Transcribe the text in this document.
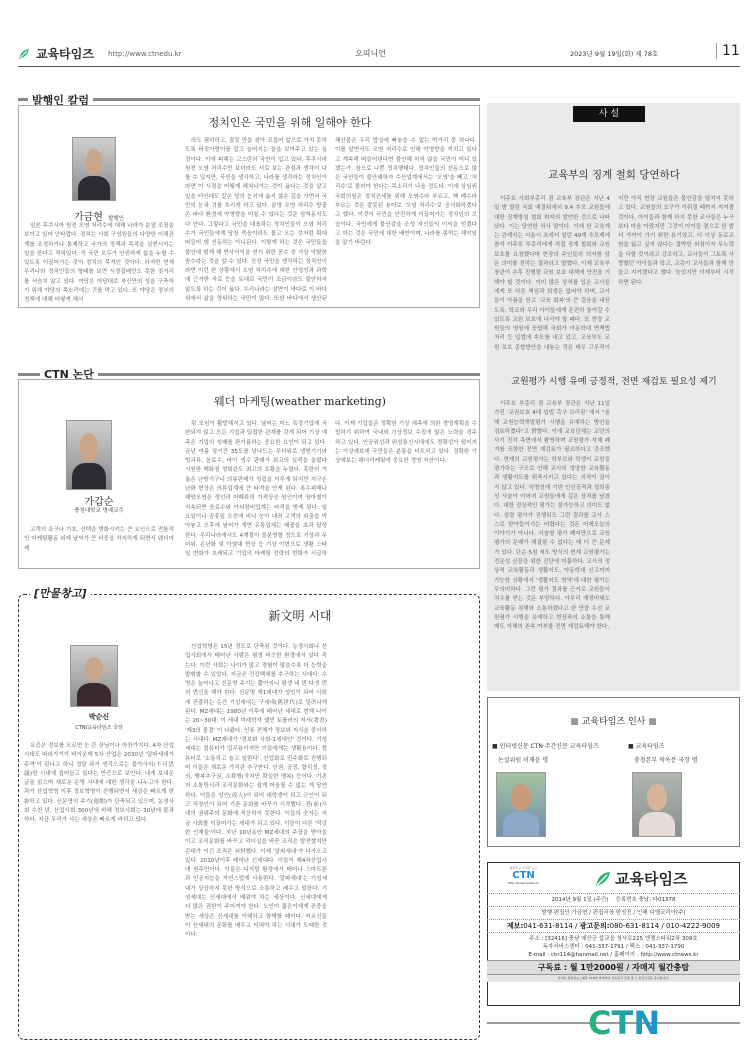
교육타임즈 http://www.ctnedu.kr	오피니언	2023년 9월 19일(화) 제 78호	11
발행인 칼럼
정치인은 국민을 위해 일해야 한다
가금현 발행인
일본 후쿠시마 원전 오염 처리수에 대해 나라가 분열 조짐을 보이고 있어 안타깝다. 정치는 사회 구성원들의 다양한 이해관계를 조정하거나 통제하고 국가의 정책과 목적을 실현시키는 일을 한다고 적혀있다. 즉 국민 모두가 안전하게 삶을 누릴 수 있도록 이끌어가는 것이 정치의 목적인 것이다. 하지만 현재 우리나라 정치인들의 형태를 보면 시정잡배만도 못한 짓거리를 서슴치 않고 있다. 여당은 여당대로 자신만의 성을 구축하기 위해 야당의 목소리에는 귀를 막고 있다. 또 야당은 정부의 정책에 대해 어떻게 해서
라도 폄하하고, 잘못 만을 찾아 꼬집어 앞으로 가지 못하도록 바짓가랑이를 잡고 늘어지는 꼴을 보여주고 있는 실정이다. 이에 피해는 고스란히 국민이 입고 있다. 후쿠시마 원전 오염 처리수만 보더라도 서로 보는 관점과 생각이 다를 수 있지만, 국민을 생각하고, 나라를 생각하는 정치인이라면 이 시점을 어떻게 헤쳐나가는 것이 옳다는 것을 알고 있을 터인데도 같은 당의 눈치에 옳지 않은 길을 가면서 국민의 눈과 귀를 흐리게 하고 있다. 분명 오염 처리수 방출은 바다 환경에 악영향을 미칠 수 있다는 것은 삼척동자도 다 안다. 그렇다고 국민을 대표하는 정치인들이 오염 처리수가 국민들에게 당장 죽음이라도 몰고 오는 것처럼 확대 떠들어 댐 선동하는 아니된다. 이렇게 하는 것은 국민들을 불안에 떨게 해 반사이익을 얻기 위한 꼼수 중 가장 악랄한 꼼수라는 것을 알 수 있다. 진정 국민을 생각하는 정치인이라면 이런 한 상황에서 오염 처리수에 대한 안정성과 과학에 근거한 자료 등을 토대로 국민이 조금이라도 불안하지 않도록 하는 것이 옳다. 우리나라는 삼면이 바다로 이 바다 위에서 삶을 영위하는 국민이 많다. 또한 바다에서 생산된 해산물은 우리 밥상에 빠놓을 수 없는 먹거리 중 하나다. 이를 알면서도 오염 처리수로 인해 악영향을 끼치고 있다고 계속해 떠들어댄다면 불안해 하지 않을 국민이 어디 있겠는가. 참으로 나쁜 정치행태다. 정치인들의 선동으로 많은 국민들이 불안해하자 수산업계에서는 '오염'을 빼고 '처리수'로 불러야 한다는 목소리가 나올 정도다. 이에 상임위 국회의원은 정치공세를 위해 오염수라 부르고, 핵 폐수라 부르는 것은 잘못된 용어로 '오염 처리수'로 공식화하겠다고 했다. 이것이 국민을 안전하게 이끌어가는 정치인의 모습이다. 국민에게 불안감을 조성 자신들의 이익을 얻겠다고 하는 것은 국민에 대한 배반이며, 나라를 좀먹는 해악임을 알기 바란다.
CTN 논단
웨더 마케팅(weather marketing)
가갑순
충청대학교 명예교수
고객의 욕구나 기호, 선택을 변화시키는 큰 요인으로 전통적인 마케팅활동 외에 날씨가 큰 비중을 차지하게 되면서 웨더마케
팅 모임이 활발해지고 있다. 날씨는 어느 특정기업에 국한되지 않고 모든 기업과 밀접한 관계를 갖게 되어 기상 예측은 기업의 성패를 판가름하는 중요한 요인이 되고 있다. 금년 여름 장기간 35도를 넘나드는 무더위로 냉방기기와 빙과류, 음료수, 바이 생수 판매가 최고의 실적을 올렸다 시원한 백화점 영화관도 최고의 호황을 누렸다. 혹한의 겨울은 난방기구나 의류판매가 성업을 이루게 되지만 지구온난화 현상은 의류업계에 큰 타격을 안게 된다. 폭우피해나 해양오염은 생선과 어패류의 가격상승 원인이며 장마철이 지속되면 음료수와 아외장비업계는 타격을 받게 된다. 일요일이나 공휴일 오전에 비나 눈이 내려 고객의 외출을 막아놓고 오후에 날씨가 개면 유통업체는 매출을 초과 달성한다. 우리나라에서도 4계절이 불분명할 정도로 기상과 무더위, 온난화 및 아열대 현상 등 기상 이변으로 생활 스타일 변화가 초래되고 기업의 마케팅 전략의 변화가 시급하다. 이제 기업들은 정확한 기상 예측에 의한 경영계획을 수립하기 위하여 국내외 기상정보 수집에 많은 노력을 경주하고 있다. 인공위성과 위성통신시대에도 정확성이 떨어지는 기상예보에 국민들은 분통을 터트리고 있다. 정확한 기상예보는 웨더마케팅에 중요한 경영 자산이다.
[만물창고]
新文明 시대
박순신
CTN/교육타임즈 국장
요즘은 정보를 모르면 눈 뜬 장님이나 마찬가지다. 4차 산업시대도 따라가기가 버거운데 5차 산업은 2030년 '알파세대가 주역'이 된다고 하니 정말 과거 생각으로는 불가사의(不可思議)한 시대에 접어들고 있다는 반증으로 보인다. 내게 보내온 글을 읽으며 새로운 문명 시대에 대한 생각을 나누고자 한다. 과거 산업혁명 이후 정보혁명이 진행되면서 세상은 빠르게 변화하고 있다. 신문명의 주기(週期)가 단축되고 있으며, 농경사회 수천 년, 산업사회 300년에 비해 정보사회는 30년에 불과하다. 지금 우리가 사는 세상은 빠르게 바뀌고 있다.
산업혁명은 15년 정도로 단축된 것이다. 농경사회나 산업사회에서 태어난 사람은 평생 비슷한 환경에서 살다 죽는다. 이런 사회는 나이가 많고 경험이 많을수록 더 능력을 발휘할 수 있었다. 지금은 건강백세를 추구하는 시대다. 수명은 늘어나고 신문명 주기는 짧아지니 평생 네 번 다섯 번의 변신을 해야 한다. 신문명 제1세대가 성인이 되어 사회에 진출하는 순간 기성세대는 구세대(舊世代)로 밀려나게 된다. MZ세대는 1980년 이후에 태어난 세대로 현재 나이는 20~30대. 이 세대 미래학자 앨빈 토플러의 저서(著書) '제3의 물결' 이 나왔다. 인류 전체가 정보와 지식을 중시하는 시대다. MZ세대가 '정보화 사회-1세대인' 것이다. 기성세대는 컴퓨터가 업무용이지만 이들에게는 생활용이다. 컴퓨터로 '소통하고 놀고 일한다', 산업화로 민주화로 진행되어 이들은 새로운 가치관 추구한다. 인권, 공정, 합리성, 정의, 행복추구권, 소확행(작지만 확실한 행복) 등이다. 기존의 소통방식과 조직문화와는 쉽게 어울릴 수 없는 게 당연하다. 이들은 성인(成人)이 되어 대학생이 되고 군인이 되고 직장인이 되어 기존 문화를 바꾸기 시작했다. 전(前)시대의 권위주의 문화에 적응하지 못한다. 이들의 숫자는 지금 사회를 이끌어가는 세대가 되고 있다. 이들이 다른 '막강한 인재들'이다. 지난 10년동안 MZ세대의 주장을 받아들이고 조직문화를 바꾸고 리더십을 바꾼 조직은 발전했지만 꼰대가 이긴 조직은 쇠퇴했다. 이제 '알파세대'가 다가오고 있다. 2010년이후 태어난 신세대다. 이들이 제4차산업시대 원주민이다. 이들은 디지털 환경에서 태어나 스마트폰과 인공지능을 자연스럽게 사용한다. '알파세대'는 기성세대가 상상하지 못한 방식으로 소통하고 배우고 일한다. 기성세대는 신세대에서 배워야 하는 세상이다. 신세대에게 더 많은 권한이 주어져야 한다. 노인이 젊은이에게 존중을 받는 세상은 신세대를 이해하고 함께할 때이다. 어르신들이 신세대의 문화를 배우고 익혀야 하는 시대가 도래한 것이다.
사 설
교육부의 징계 철회 당연하다
이주호 사회부총리 겸 교육부 장관은 지난 4일 밤 열린 국회 예결위에서 9.4 추모 교원들에 대한 징계방침 철회 취지의 발언한 것으로 나타났다. 이는 당연한 처사 말이다. 이에 한 교육계는 관계자는 서울시 초에서 열린 49재 추모제에 참석 이주호 부총리에게 직접 징계 철회와 교원 보호를 요청했다며 현장의 주인들의 의지를 담은 의미를 전하는 결과라고 말했다. 이제 교육부 장관이 추후 진행될 교원 보호 대책에 만전을 기해야 할 것이다. 이미 많은 상처를 입은 교사들에게 또 다른 책임과 희생은 없어야 하며, 교사들이 아픔을 딛고 '교육 회복'의 큰 걸음을 내딛도록, 학교와 우리 아이들에게 온전히 돌아갈 수 있도록 교원 보호에 나서야 할 때다. 또 현장 교원들의 염원에 응답해 국회가 아동학대 면책법 처리 등 입법에 속도를 내고 있고, 교육부도 교원 보호 종합방안을 내놓는 것은 매우 고무적이지만 아직 현장 교원들은 불안감을 떨치지 못하고 있다. 교원들의 요구가 이뤄질 때까지 지켜볼 것이다. 아이들과 함께 하지 못한 교사들은 누구보다 마음 아팠지만 그것이 아이들 곁으로 한 발 더 가까이 가기 위한 용기였고, 더 이상 동료교원을 잃고 싶지 않다는 절박한 외침이자 무노력을 다할 것이라고 강조하고, 교사들이 그토록 사랑했던 아이들과 학교, 교총이 교사들과 함께 만들고 지키겠다고 했다. 늦었지만 이제부터 시작하면 된다.
교원평가 시행 유예 긍정적, 전면 재검토 필요성 제기
이주호 부총리 겸 교육부 장관은 지난 11일 가진 '교권보호 4대 입법 촉구 브리핑' 에서 "올해 교원능력개발평가 시행을 유예하는 방안을 검토하겠다"고 밝혔다. 이에 교육단체는 교단의 사기 진작 측면에서 환영하며 교원평가 자체 폐지를 포함한 전면 재검토가 필요하다고 강조했다. 현재의 교원평가는 학부모와 학생이 교원을 평가하는 구조로 인해 교사의 정당한 교육활동과 생활지도를 위축시키고 있다는 지적이 끊이지 않고 있다. 익명성에 기댄 인신공격과 성희롱성 서술이 이어져 교원들에게 깊은 상처를 남겼다. 대한 정상적인 평가는 불가능하고 의미도 없다. 설령 평가가 진행되도 그런 결과를 교사 스스로 받아들이기는 어렵다는 것은 어제오늘의 이야기가 아니다. 서술형 평가 폐지만으로 교원평가의 문제가 해결될 수 없다는 데 더 큰 문제가 있다. 단순 5점 척도 방식의 현재 교원평가는 전문성 신장을 위한 진단에 미흡하다. 교사의 정상적 교육활동과 생활지도, 아동학대 신고까지 가능한 상황에서 '생활지도 영역'에 대한 평가는 무의미하다. 그런 평가 결과를 근거로 교원들이 처우를 받는 것은 부당하다. 아무리 재정비해도 교육활동 침해와 소통하겠다고 한 만큼 우선 교원평가 시행을 유예하고 현장과의 소통을 통해 제도 자체의 존속 여부를 전면 재검토해야 한다.
■ 교육타임즈 인사 ■
■ 인터넷신문 CTN·주간신문 교육타임즈
논설위원 이재윤 명
■ 교육타임즈
충청본부 박옥분 국장 명
희망차고 진실한 뉴스
CTN
http://www.ctnedu.kr	교육타임즈
2014년 9월 1일 (주간) 등록번호 충남, 다01378
발행·편집인 가금현 / 편집국장 한성진 / 인쇄 디엠코리아(주)
제보:041-631-8114 / 광고문의:080-631-8114 / 010-4222-9009
주소 : [32416] 충남 예산군 삽교읍 청사로225 엔젤스타워2차 309호
독자서비스센터 : 041-337-1791 / 팩스 : 041-337-1790
E-mail : ctn114@hanmail.net / 홈페이지 : http://www.ctnews.kr
구독료 : 월 1만2000원 / 자매지 월간충탑
본지는 충청일뉴스제휴 CTN과 함께하며 신문윤리 강령 및 그 실천요강을 준수합니다.
CTN
